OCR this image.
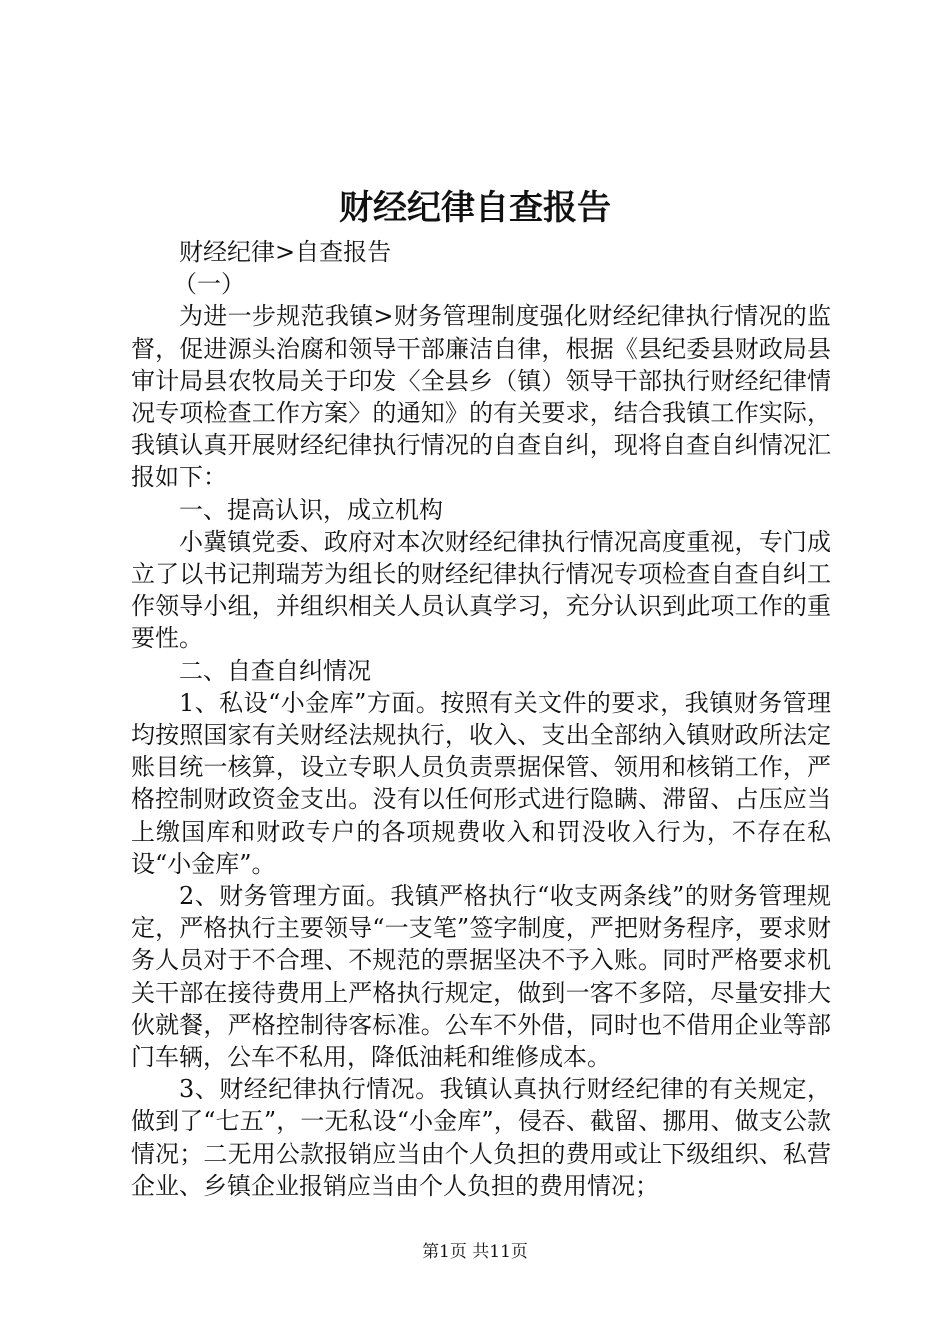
财经纪律自查报告

财经纪律>自查报告

（一）

为进一步规范我镇>财务管理制度强化财经纪律执行情况的监督，促进源头治腐和领导干部廉洁自律，根据《县纪委县财政局县审计局县农牧局关于印发〈全县乡（镇）领导干部执行财经纪律情况专项检查工作方案〉的通知》的有关要求，结合我镇工作实际，我镇认真开展财经纪律执行情况的自查自纠，现将自查自纠情况汇报如下：

一、提高认识，成立机构

小冀镇党委、政府对本次财经纪律执行情况高度重视，专门成立了以书记荆瑞芳为组长的财经纪律执行情况专项检查自查自纠工作领导小组，并组织相关人员认真学习，充分认识到此项工作的重要性。

二、自查自纠情况

1、私设“小金库”方面。按照有关文件的要求，我镇财务管理均按照国家有关财经法规执行，收入、支出全部纳入镇财政所法定账目统一核算，设立专职人员负责票据保管、领用和核销工作，严格控制财政资金支出。没有以任何形式进行隐瞒、滞留、占压应当上缴国库和财政专户的各项规费收入和罚没收入行为，不存在私设“小金库”。

2、财务管理方面。我镇严格执行“收支两条线”的财务管理规定，严格执行主要领导“一支笔”签字制度，严把财务程序，要求财务人员对于不合理、不规范的票据坚决不予入账。同时严格要求机关干部在接待费用上严格执行规定，做到一客不多陪，尽量安排大伙就餐，严格控制待客标准。公车不外借，同时也不借用企业等部门车辆，公车不私用，降低油耗和维修成本。

3、财经纪律执行情况。我镇认真执行财经纪律的有关规定，做到了“七五”，一无私设“小金库”，侵吞、截留、挪用、做支公款情况；二无用公款报销应当由个人负担的费用或让下级组织、私营企业、乡镇企业报销应当由个人负担的费用情况；

第1页 共11页
